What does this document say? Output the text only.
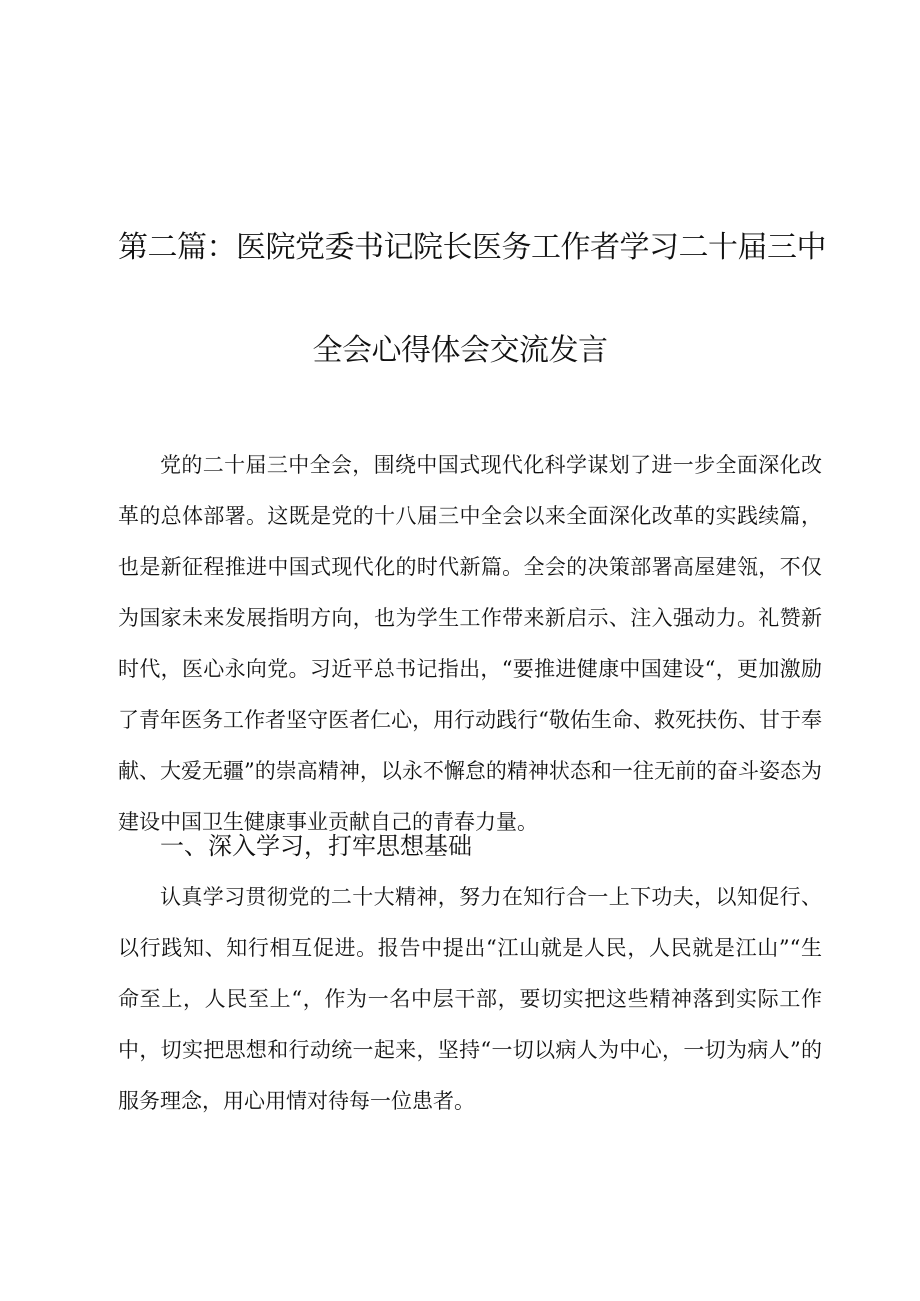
第二篇：医院党委书记院长医务工作者学习二十届三中
全会心得体会交流发言

党的二十届三中全会，围绕中国式现代化科学谋划了进一步全面深化改革的总体部署。这既是党的十八届三中全会以来全面深化改革的实践续篇，也是新征程推进中国式现代化的时代新篇。全会的决策部署高屋建瓴，不仅为国家未来发展指明方向，也为学生工作带来新启示、注入强动力。礼赞新时代，医心永向党。习近平总书记指出，“要推进健康中国建设“，更加激励了青年医务工作者坚守医者仁心，用行动践行“敬佑生命、救死扶伤、甘于奉献、大爱无疆”的崇高精神，以永不懈怠的精神状态和一往无前的奋斗姿态为建设中国卫生健康事业贡献自己的青春力量。

一、深入学习，打牢思想基础

认真学习贯彻党的二十大精神，努力在知行合一上下功夫，以知促行、以行践知、知行相互促进。报告中提出“江山就是人民，人民就是江山”“生命至上，人民至上“，作为一名中层干部，要切实把这些精神落到实际工作中，切实把思想和行动统一起来，坚持“一切以病人为中心，一切为病人”的服务理念，用心用情对待每一位患者。
